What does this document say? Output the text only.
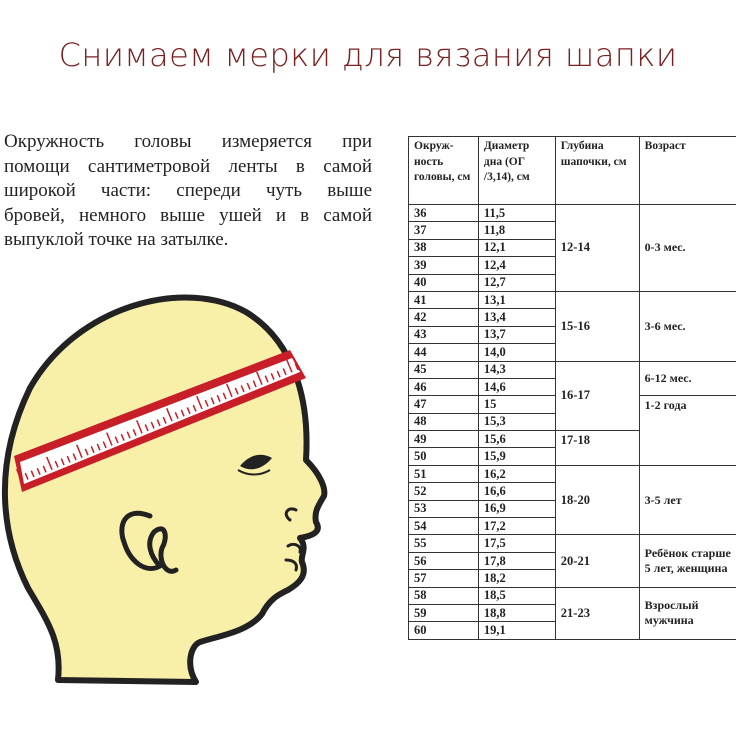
Снимаем мерки для вязания шапки
Окружность головы измеряется при
помощи сантиметровой ленты в самой
широкой части: спереди чуть выше
бровей, немного выше ушей и в самой
выпуклой точке на затылке.
Окруж-ность головы, см	Диаметр дна (ОГ /3,14), см	Глубина шапочки, см	Возраст
36	11,5	12-14	0-3 мес.
37	11,8		
38	12,1		
39	12,4		
40	12,7		
41	13,1	15-16	3-6 мес.
42	13,4		
43	13,7		
44	14,0		
45	14,3	16-17	6-12 мес.
46	14,6		
47	15		1-2 года
48	15,3		
49	15,6	17-18	
50	15,9		
51	16,2	18-20	3-5 лет
52	16,6		
53	16,9		
54	17,2		
55	17,5	20-21	Ребёнок старше 5 лет, женщина
56	17,8		
57	18,2		
58	18,5	21-23	Взрослый мужчина
59	18,8		
60	19,1		
